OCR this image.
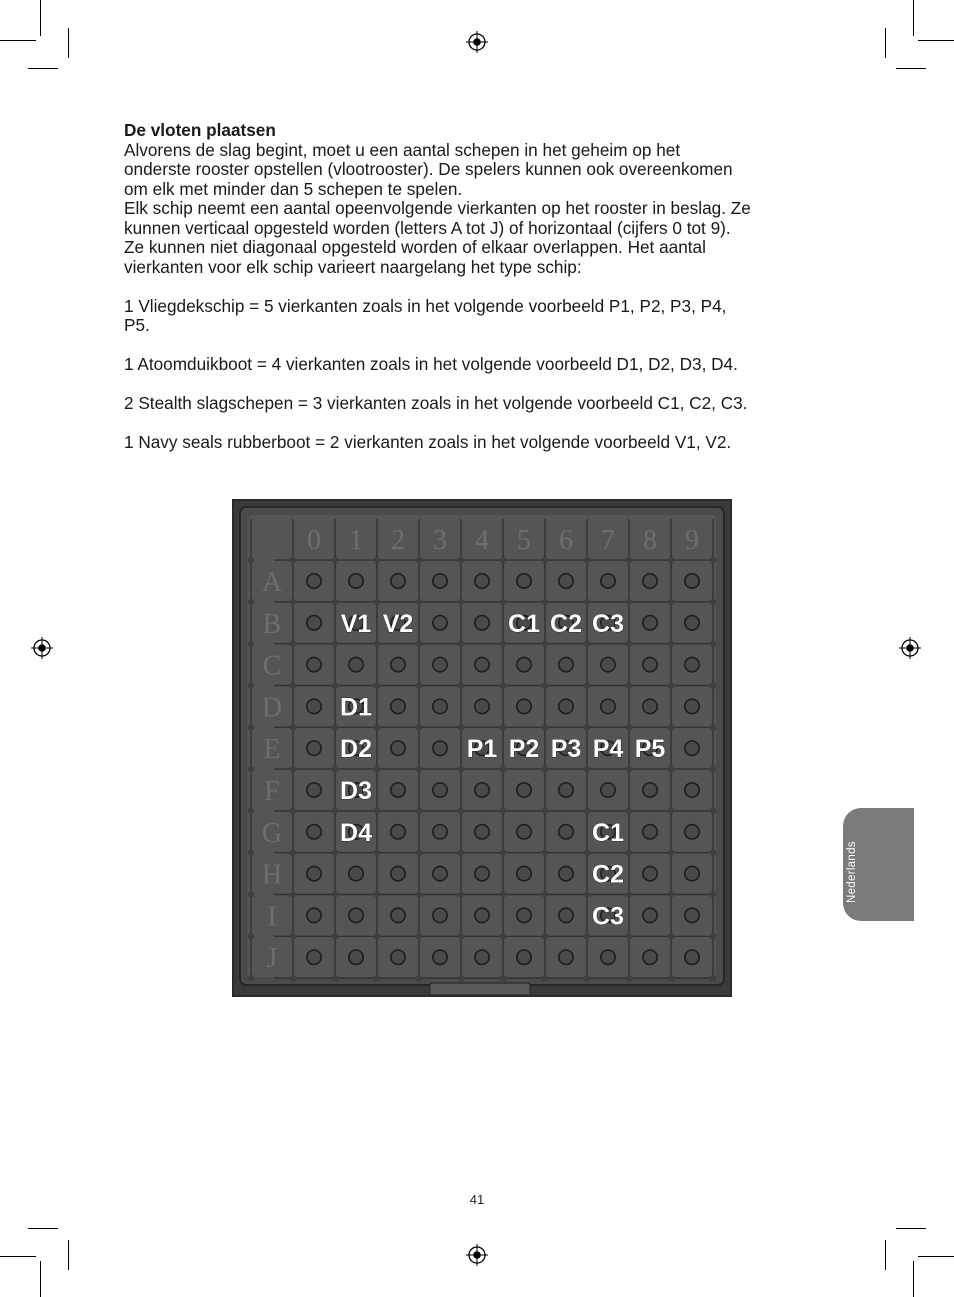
De vloten plaatsen

Alvorens de slag begint, moet u een aantal schepen in het geheim op het

onderste rooster opstellen (vlootrooster). De spelers kunnen ook overeenkomen

om elk met minder dan 5 schepen te spelen.

Elk schip neemt een aantal opeenvolgende vierkanten op het rooster in beslag. Ze

kunnen verticaal opgesteld worden (letters A tot J) of horizontaal (cijfers 0 tot 9).

Ze kunnen niet diagonaal opgesteld worden of elkaar overlappen. Het aantal

vierkanten voor elk schip varieert naargelang het type schip:

1 Vliegdekschip = 5 vierkanten zoals in het volgende voorbeeld P1, P2, P3, P4,

P5.

1 Atoomduikboot = 4 vierkanten zoals in het volgende voorbeeld D1, D2, D3, D4.

2 Stealth slagschepen = 3 vierkanten zoals in het volgende voorbeeld C1, C2, C3.

1 Navy seals rubberboot = 2 vierkanten zoals in het volgende voorbeeld V1, V2.

0 1 2 3 4 5 6 7 8 9
A
B
C
D
E
F
G
H
I
J
V1 V2	C1 C2 C3
D1
D2
D3
D4
P1 P2 P3 P4 P5
C1
C2
C3
Nederlands
41
